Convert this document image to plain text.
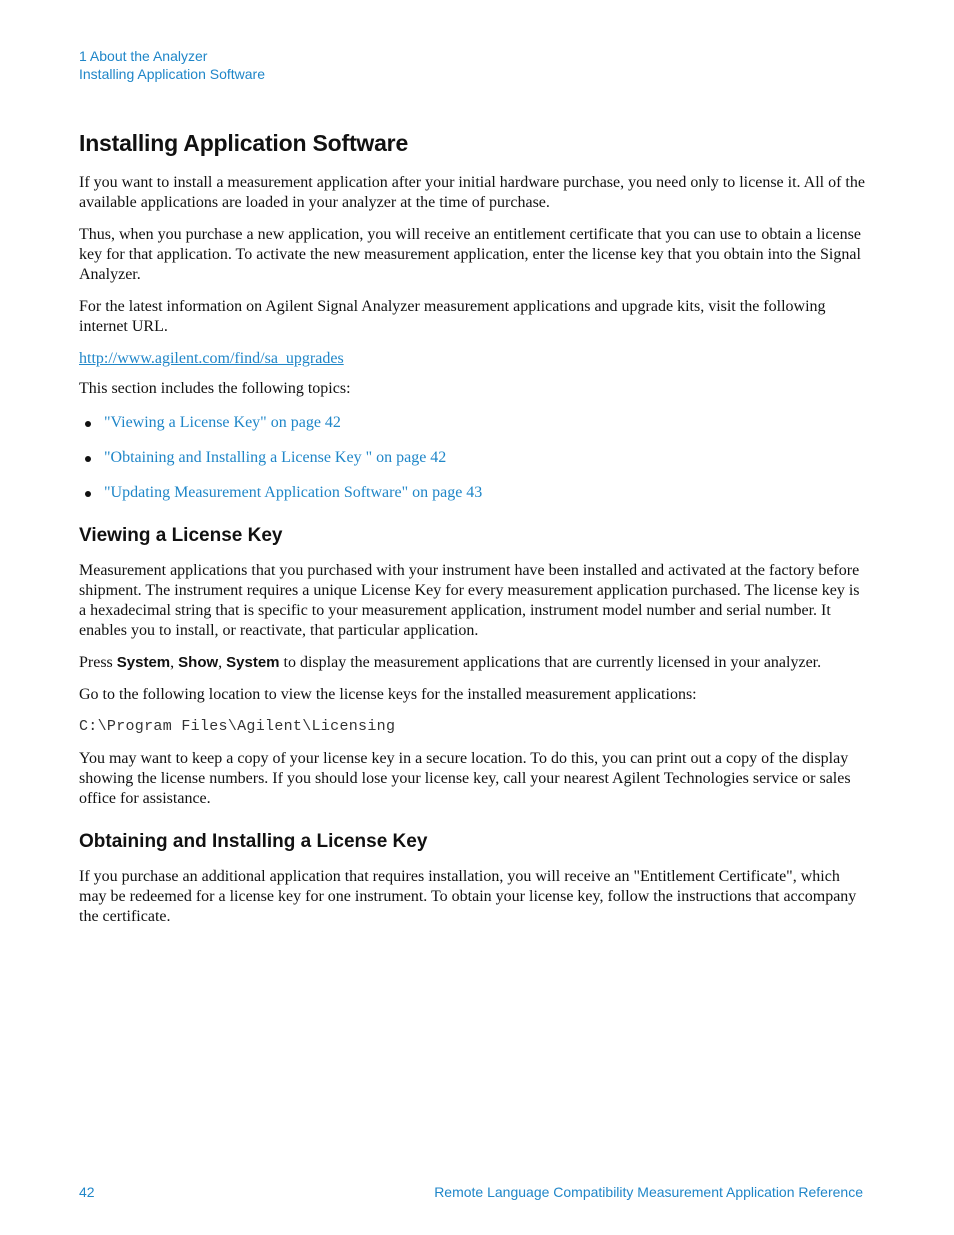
1 About the Analyzer
Installing Application Software
Installing Application Software

If you want to install a measurement application after your initial hardware purchase, you need only to license it. All of the available applications are loaded in your analyzer at the time of purchase.

Thus, when you purchase a new application, you will receive an entitlement certificate that you can use to obtain a license key for that application. To activate the new measurement application, enter the license key that you obtain into the Signal Analyzer.

For the latest information on Agilent Signal Analyzer measurement applications and upgrade kits, visit the following internet URL.

http://www.agilent.com/find/sa_upgrades

This section includes the following topics:

"Viewing a License Key" on page 42
"Obtaining and Installing a License Key " on page 42
"Updating Measurement Application Software" on page 43
Viewing a License Key

Measurement applications that you purchased with your instrument have been installed and activated at the factory before shipment. The instrument requires a unique License Key for every measurement application purchased. The license key is a hexadecimal string that is specific to your measurement application, instrument model number and serial number. It enables you to install, or reactivate, that particular application.

Press System, Show, System to display the measurement applications that are currently licensed in your analyzer.

Go to the following location to view the license keys for the installed measurement applications:

C:\Program Files\Agilent\Licensing

You may want to keep a copy of your license key in a secure location. To do this, you can print out a copy of the display showing the license numbers. If you should lose your license key, call your nearest Agilent Technologies service or sales office for assistance.

Obtaining and Installing a License Key

If you purchase an additional application that requires installation, you will receive an "Entitlement Certificate", which may be redeemed for a license key for one instrument. To obtain your license key, follow the instructions that accompany the certificate.

42	Remote Language Compatibility Measurement Application Reference
